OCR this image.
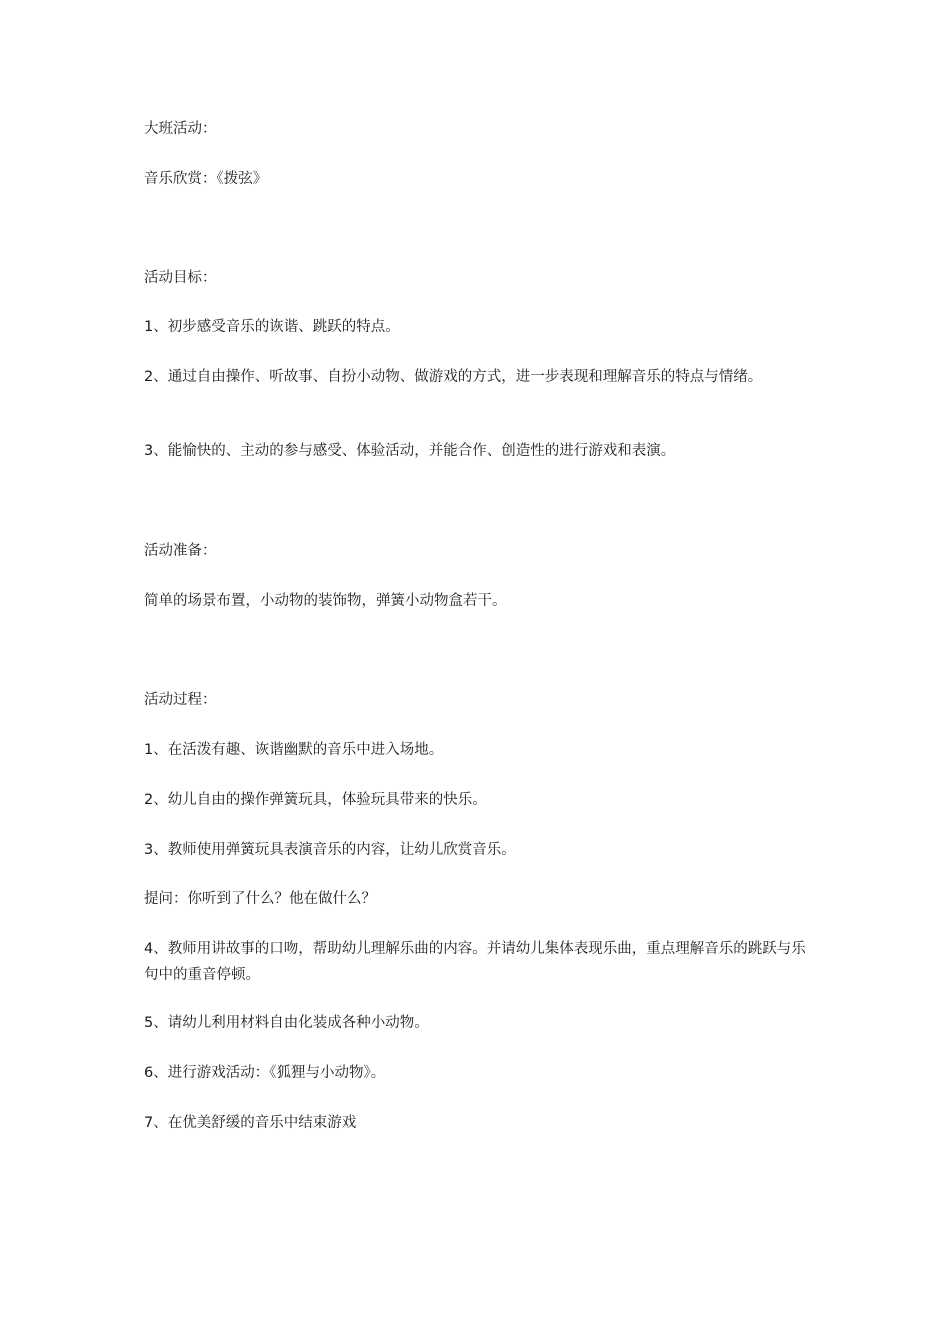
大班活动：

音乐欣赏：《拨弦》

活动目标：

1、初步感受音乐的诙谐、跳跃的特点。

2、通过自由操作、听故事、自扮小动物、做游戏的方式，进一步表现和理解音乐的特点与情绪。

3、能愉快的、主动的参与感受、体验活动，并能合作、创造性的进行游戏和表演。

活动准备：

简单的场景布置，小动物的装饰物，弹簧小动物盒若干。

活动过程：

1、在活泼有趣、诙谐幽默的音乐中进入场地。

2、幼儿自由的操作弹簧玩具，体验玩具带来的快乐。

3、教师使用弹簧玩具表演音乐的内容，让幼儿欣赏音乐。

提问：你听到了什么？他在做什么？

4、教师用讲故事的口吻，帮助幼儿理解乐曲的内容。并请幼儿集体表现乐曲，重点理解音乐的跳跃与乐句中的重音停顿。

5、请幼儿利用材料自由化装成各种小动物。

6、进行游戏活动：《狐狸与小动物》。

7、在优美舒缓的音乐中结束游戏
